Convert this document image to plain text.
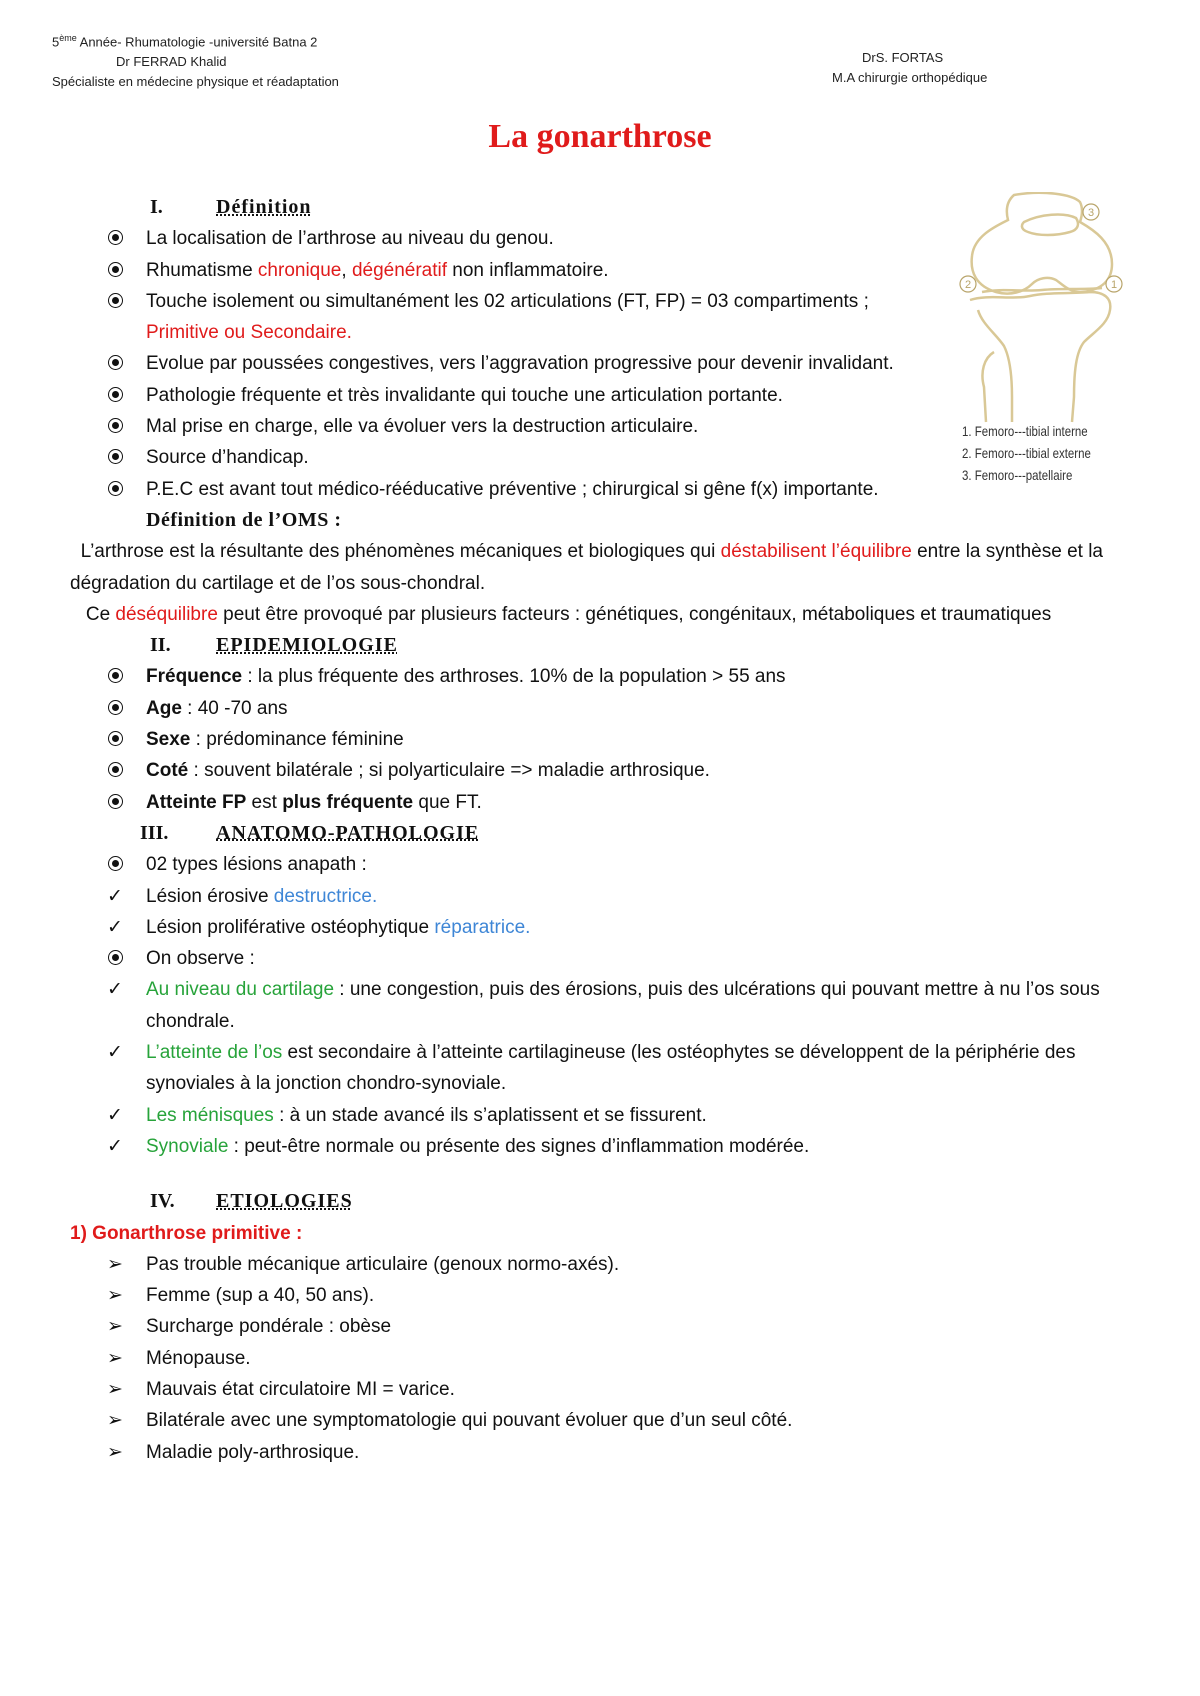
5ème Année- Rhumatologie -université Batna 2
Dr FERRAD Khalid
Spécialiste en médecine physique et réadaptation
DrS. FORTAS
M.A chirurgie orthopédique
La gonarthrose
3
2	1
1. Femoro---tibial interne
2. Femoro---tibial externe
3. Femoro---patellaire
I.	Définition

La localisation de l’arthrose au niveau du genou.
Rhumatisme chronique, dégénératif non inflammatoire.
Touche isolement ou simultanément les 02 articulations (FT, FP) = 03 compartiments ; Primitive ou Secondaire.
Evolue par poussées congestives, vers l’aggravation progressive pour devenir invalidant.
Pathologie fréquente et très invalidante qui touche une articulation portante.
Mal prise en charge, elle va évoluer vers la destruction articulaire.
Source d’handicap.
P.E.C est avant tout médico-rééducative préventive ; chirurgical si gêne f(x) importante.
Définition de l’OMS :
L’arthrose est la résultante des phénomènes mécaniques et biologiques qui déstabilisent l’équilibre entre la synthèse et la dégradation du cartilage et de l’os sous-chondral.
Ce déséquilibre peut être provoqué par plusieurs facteurs : génétiques, congénitaux, métaboliques et traumatiques
II. EPIDEMIOLOGIE

Fréquence : la plus fréquente des arthroses. 10% de la population > 55 ans
Age : 40 -70 ans
Sexe : prédominance féminine
Coté : souvent bilatérale ; si polyarticulaire => maladie arthrosique.
Atteinte FP est plus fréquente que FT.
III. ANATOMO-PATHOLOGIE

02 types lésions anapath :
✓ Lésion érosive destructrice.
✓ Lésion proliférative ostéophytique réparatrice.
On observe :
✓ Au niveau du cartilage : une congestion, puis des érosions, puis des ulcérations qui pouvant mettre à nu l’os sous chondrale.
✓ L’atteinte de l’os est secondaire à l’atteinte cartilagineuse (les ostéophytes se développent de la périphérie des synoviales à la jonction chondro-synoviale.
✓ Les ménisques : à un stade avancé ils s’aplatissent et se fissurent.
✓ Synoviale : peut-être normale ou présente des signes d’inflammation modérée.
IV. ETIOLOGIES

1) Gonarthrose primitive :
➢ Pas trouble mécanique articulaire (genoux normo-axés).
➢ Femme (sup a 40, 50 ans).
➢ Surcharge pondérale : obèse
➢ Ménopause.
➢ Mauvais état circulatoire MI = varice.
➢ Bilatérale avec une symptomatologie qui pouvant évoluer que d’un seul côté.
➢ Maladie poly-arthrosique.
